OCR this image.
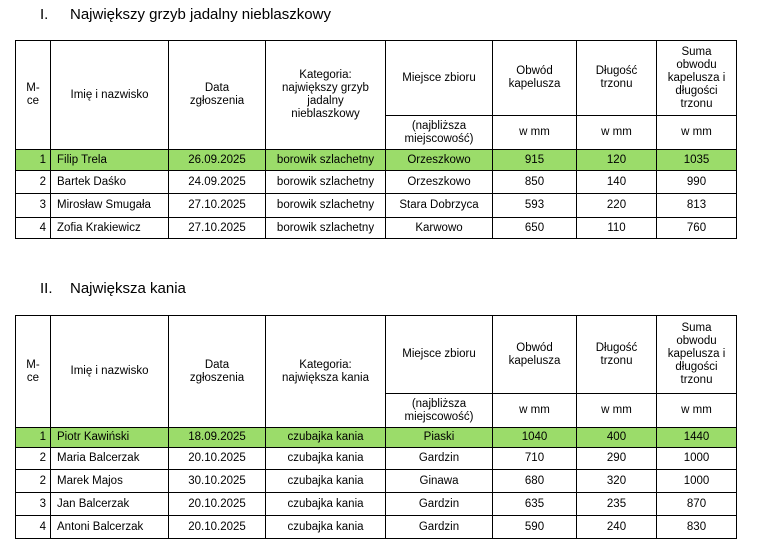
I. Największy grzyb jadalny nieblaszkowy
M-ce	Imię i nazwisko	Data zgłoszenia	Kategoria: największy grzyb jadalny nieblaszkowy	Miejsce zbioru	Obwód kapelusza	Długość trzonu	Suma obwodu kapelusza i długości trzonu
				(najbliższa miejscowość)	w mm	w mm	w mm
1	Filip Trela	26.09.2025	borowik szlachetny	Orzeszkowo	915	120	1035
2	Bartek Daśko	24.09.2025	borowik szlachetny	Orzeszkowo	850	140	990
3	Mirosław Smugała	27.10.2025	borowik szlachetny	Stara Dobrzyca	593	220	813
4	Zofia Krakiewicz	27.10.2025	borowik szlachetny	Karwowo	650	110	760
II. Największa kania
M-ce	Imię i nazwisko	Data zgłoszenia	Kategoria: największa kania	Miejsce zbioru	Obwód kapelusza	Długość trzonu	Suma obwodu kapelusza i długości trzonu
				(najbliższa miejscowość)	w mm	w mm	w mm
1	Piotr Kawiński	18.09.2025	czubajka kania	Piaski	1040	400	1440
2	Maria Balcerzak	20.10.2025	czubajka kania	Gardzin	710	290	1000
2	Marek Majos	30.10.2025	czubajka kania	Ginawa	680	320	1000
3	Jan Balcerzak	20.10.2025	czubajka kania	Gardzin	635	235	870
4	Antoni Balcerzak	20.10.2025	czubajka kania	Gardzin	590	240	830
